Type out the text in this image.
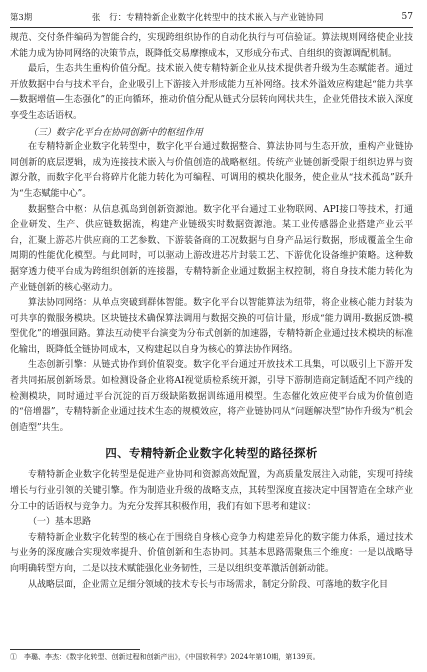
第3期	张　行：专精特新企业数字化转型中的技术嵌入与产业链协同	57

规范、交付条件编码为智能合约，实现跨组织协作的自动化执行与可信验证。算法规则网络使企业技术能力成为协同网络的决策节点，既降低交易摩擦成本，又形成分布式、自组织的资源调配机制。

最后，生态共生重构价值分配。技术嵌入使专精特新企业从技术提供者升级为生态赋能者。通过开放数据中台与技术平台，企业吸引上下游接入并形成能力互补网络。技术外溢效应构建起“能力共享—数据增值—生态强化”的正向循环，推动价值分配从链式分层转向网状共生，企业凭借技术嵌入深度享受生态话语权。

（三）数字化平台在协同创新中的枢纽作用

在专精特新企业数字化转型中，数字化平台通过数据整合、算法协同与生态开放，重构产业链协同创新的底层逻辑，成为连接技术嵌入与价值创造的战略枢纽。传统产业链创新受限于组织边界与资源分散，而数字化平台将碎片化能力转化为可编程、可调用的模块化服务，使企业从“技术孤岛”跃升为“生态赋能中心”。

数据整合中枢：从信息孤岛到创新资源池。数字化平台通过工业物联网、API接口等技术，打通企业研发、生产、供应链数据流，构建产业链级实时数据资源池。某工业传感器企业搭建产业云平台，汇聚上游芯片供应商的工艺参数、下游装备商的工况数据与自身产品运行数据，形成覆盖全生命周期的性能优化模型。与此同时，可以驱动上游改进芯片封装工艺、下游优化设备维护策略。这种数据穿透力使平台成为跨组织创新的连接器，专精特新企业通过数据主权控制，将自身技术能力转化为产业链创新的核心驱动力。

算法协同网络：从单点突破到群体智能。数字化平台以智能算法为纽带，将企业核心能力封装为可共享的微服务模块。区块链技术确保算法调用与数据交换的可信计量，形成“能力调用-数据反馈-模型优化”的增强回路。算法互动使平台演变为分布式创新的加速器，专精特新企业通过技术模块的标准化输出，既降低全链协同成本，又构建起以自身为核心的算法协作网络。

生态创新引擎：从链式协作到价值裂变。数字化平台通过开放技术工具集，可以吸引上下游开发者共同拓展创新场景。如检测设备企业将AI视觉质检系统开源，引导下游制造商定制适配不同产线的检测模块，同时通过平台沉淀的百万级缺陷数据训练通用模型。生态催化效应使平台成为价值创造的“倍增器”，专精特新企业通过技术生态的规模效应，将产业链协同从“问题解决型”协作升级为“机会创造型”共生。

四、专精特新企业数字化转型的路径探析

专精特新企业数字化转型是促进产业协同和资源高效配置，为高质量发展注入动能，实现可持续增长与行业引领的关键引擎。作为制造业升级的战略支点，其转型深度直接决定中国智造在全球产业分工中的话语权与竞争力。为充分发挥其积极作用，我们有如下思考和建议：

（一）基本思路

专精特新企业数字化转型的核心在于围绕自身核心竞争力构建差异化的数字能力体系，通过技术与业务的深度融合实现效率提升、价值创新和生态协同。其基本思路需聚焦三个维度：一是以战略导向明确转型方向，二是以技术赋能强化业务韧性，三是以组织变革激活创新动能。

从战略层面，企业需立足细分领域的技术专长与市场需求，制定分阶段、可落地的数字化目

①　李璐、李杰：《数字化转型、创新过程和创新产出》，《中国软科学》2024年第10期，第139页。
